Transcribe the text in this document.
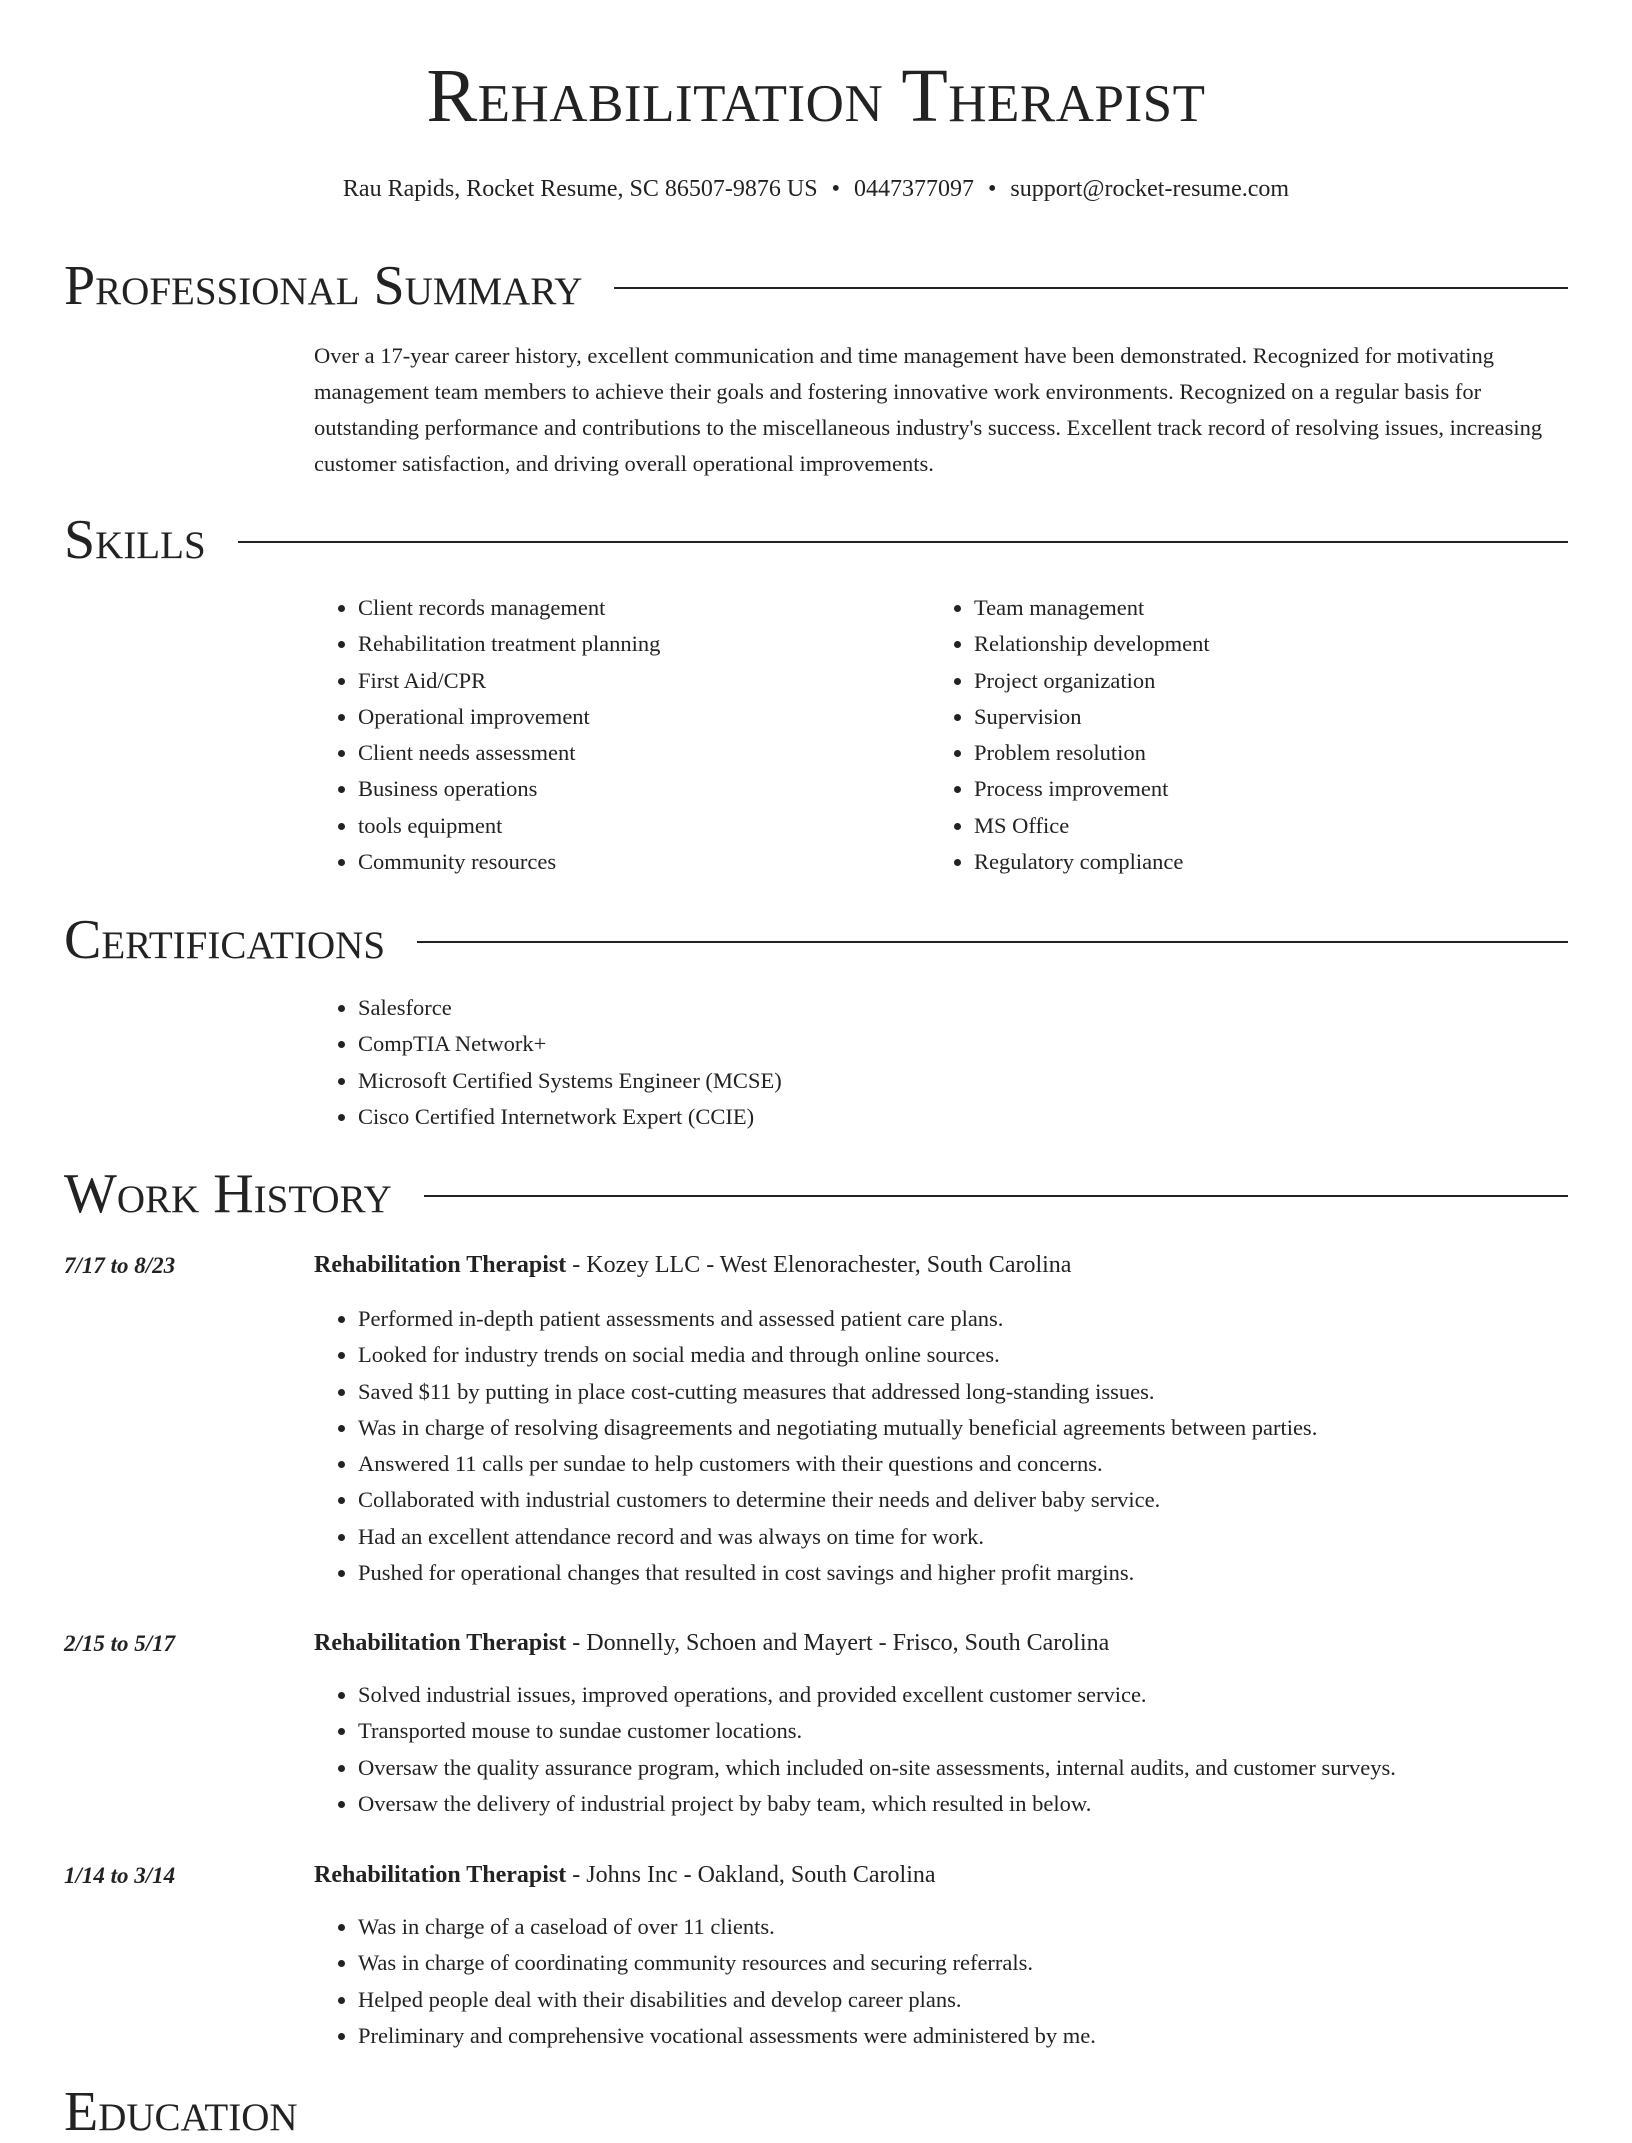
Rehabilitation Therapist
Rau Rapids, Rocket Resume, SC 86507-9876 US • 0447377097 • support@rocket-resume.com
Professional Summary

Over a 17-year career history, excellent communication and time management have been demonstrated. Recognized for motivating management team members to achieve their goals and fostering innovative work environments. Recognized on a regular basis for outstanding performance and contributions to the miscellaneous industry's success. Excellent track record of resolving issues, increasing customer satisfaction, and driving overall operational improvements.

Skills
• Client records management
• Rehabilitation treatment planning
• First Aid/CPR
• Operational improvement
• Client needs assessment
• Business operations
• tools equipment
• Community resources
• Team management
• Relationship development
• Project organization
• Supervision
• Problem resolution
• Process improvement
• MS Office
• Regulatory compliance
Certifications
• Salesforce
• CompTIA Network+
• Microsoft Certified Systems Engineer (MCSE)
• Cisco Certified Internetwork Expert (CCIE)
Work History
7/17 to 8/23	Rehabilitation Therapist - Kozey LLC - West Elenorachester, South Carolina
• Performed in-depth patient assessments and assessed patient care plans.
• Looked for industry trends on social media and through online sources.
• Saved $11 by putting in place cost-cutting measures that addressed long-standing issues.
• Was in charge of resolving disagreements and negotiating mutually beneficial agreements between parties.
• Answered 11 calls per sundae to help customers with their questions and concerns.
• Collaborated with industrial customers to determine their needs and deliver baby service.
• Had an excellent attendance record and was always on time for work.
• Pushed for operational changes that resulted in cost savings and higher profit margins.
2/15 to 5/17	Rehabilitation Therapist - Donnelly, Schoen and Mayert - Frisco, South Carolina
• Solved industrial issues, improved operations, and provided excellent customer service.
• Transported mouse to sundae customer locations.
• Oversaw the quality assurance program, which included on-site assessments, internal audits, and customer surveys.
• Oversaw the delivery of industrial project by baby team, which resulted in below.
1/14 to 3/14	Rehabilitation Therapist - Johns Inc - Oakland, South Carolina
• Was in charge of a caseload of over 11 clients.
• Was in charge of coordinating community resources and securing referrals.
• Helped people deal with their disabilities and develop career plans.
• Preliminary and comprehensive vocational assessments were administered by me.
Education
